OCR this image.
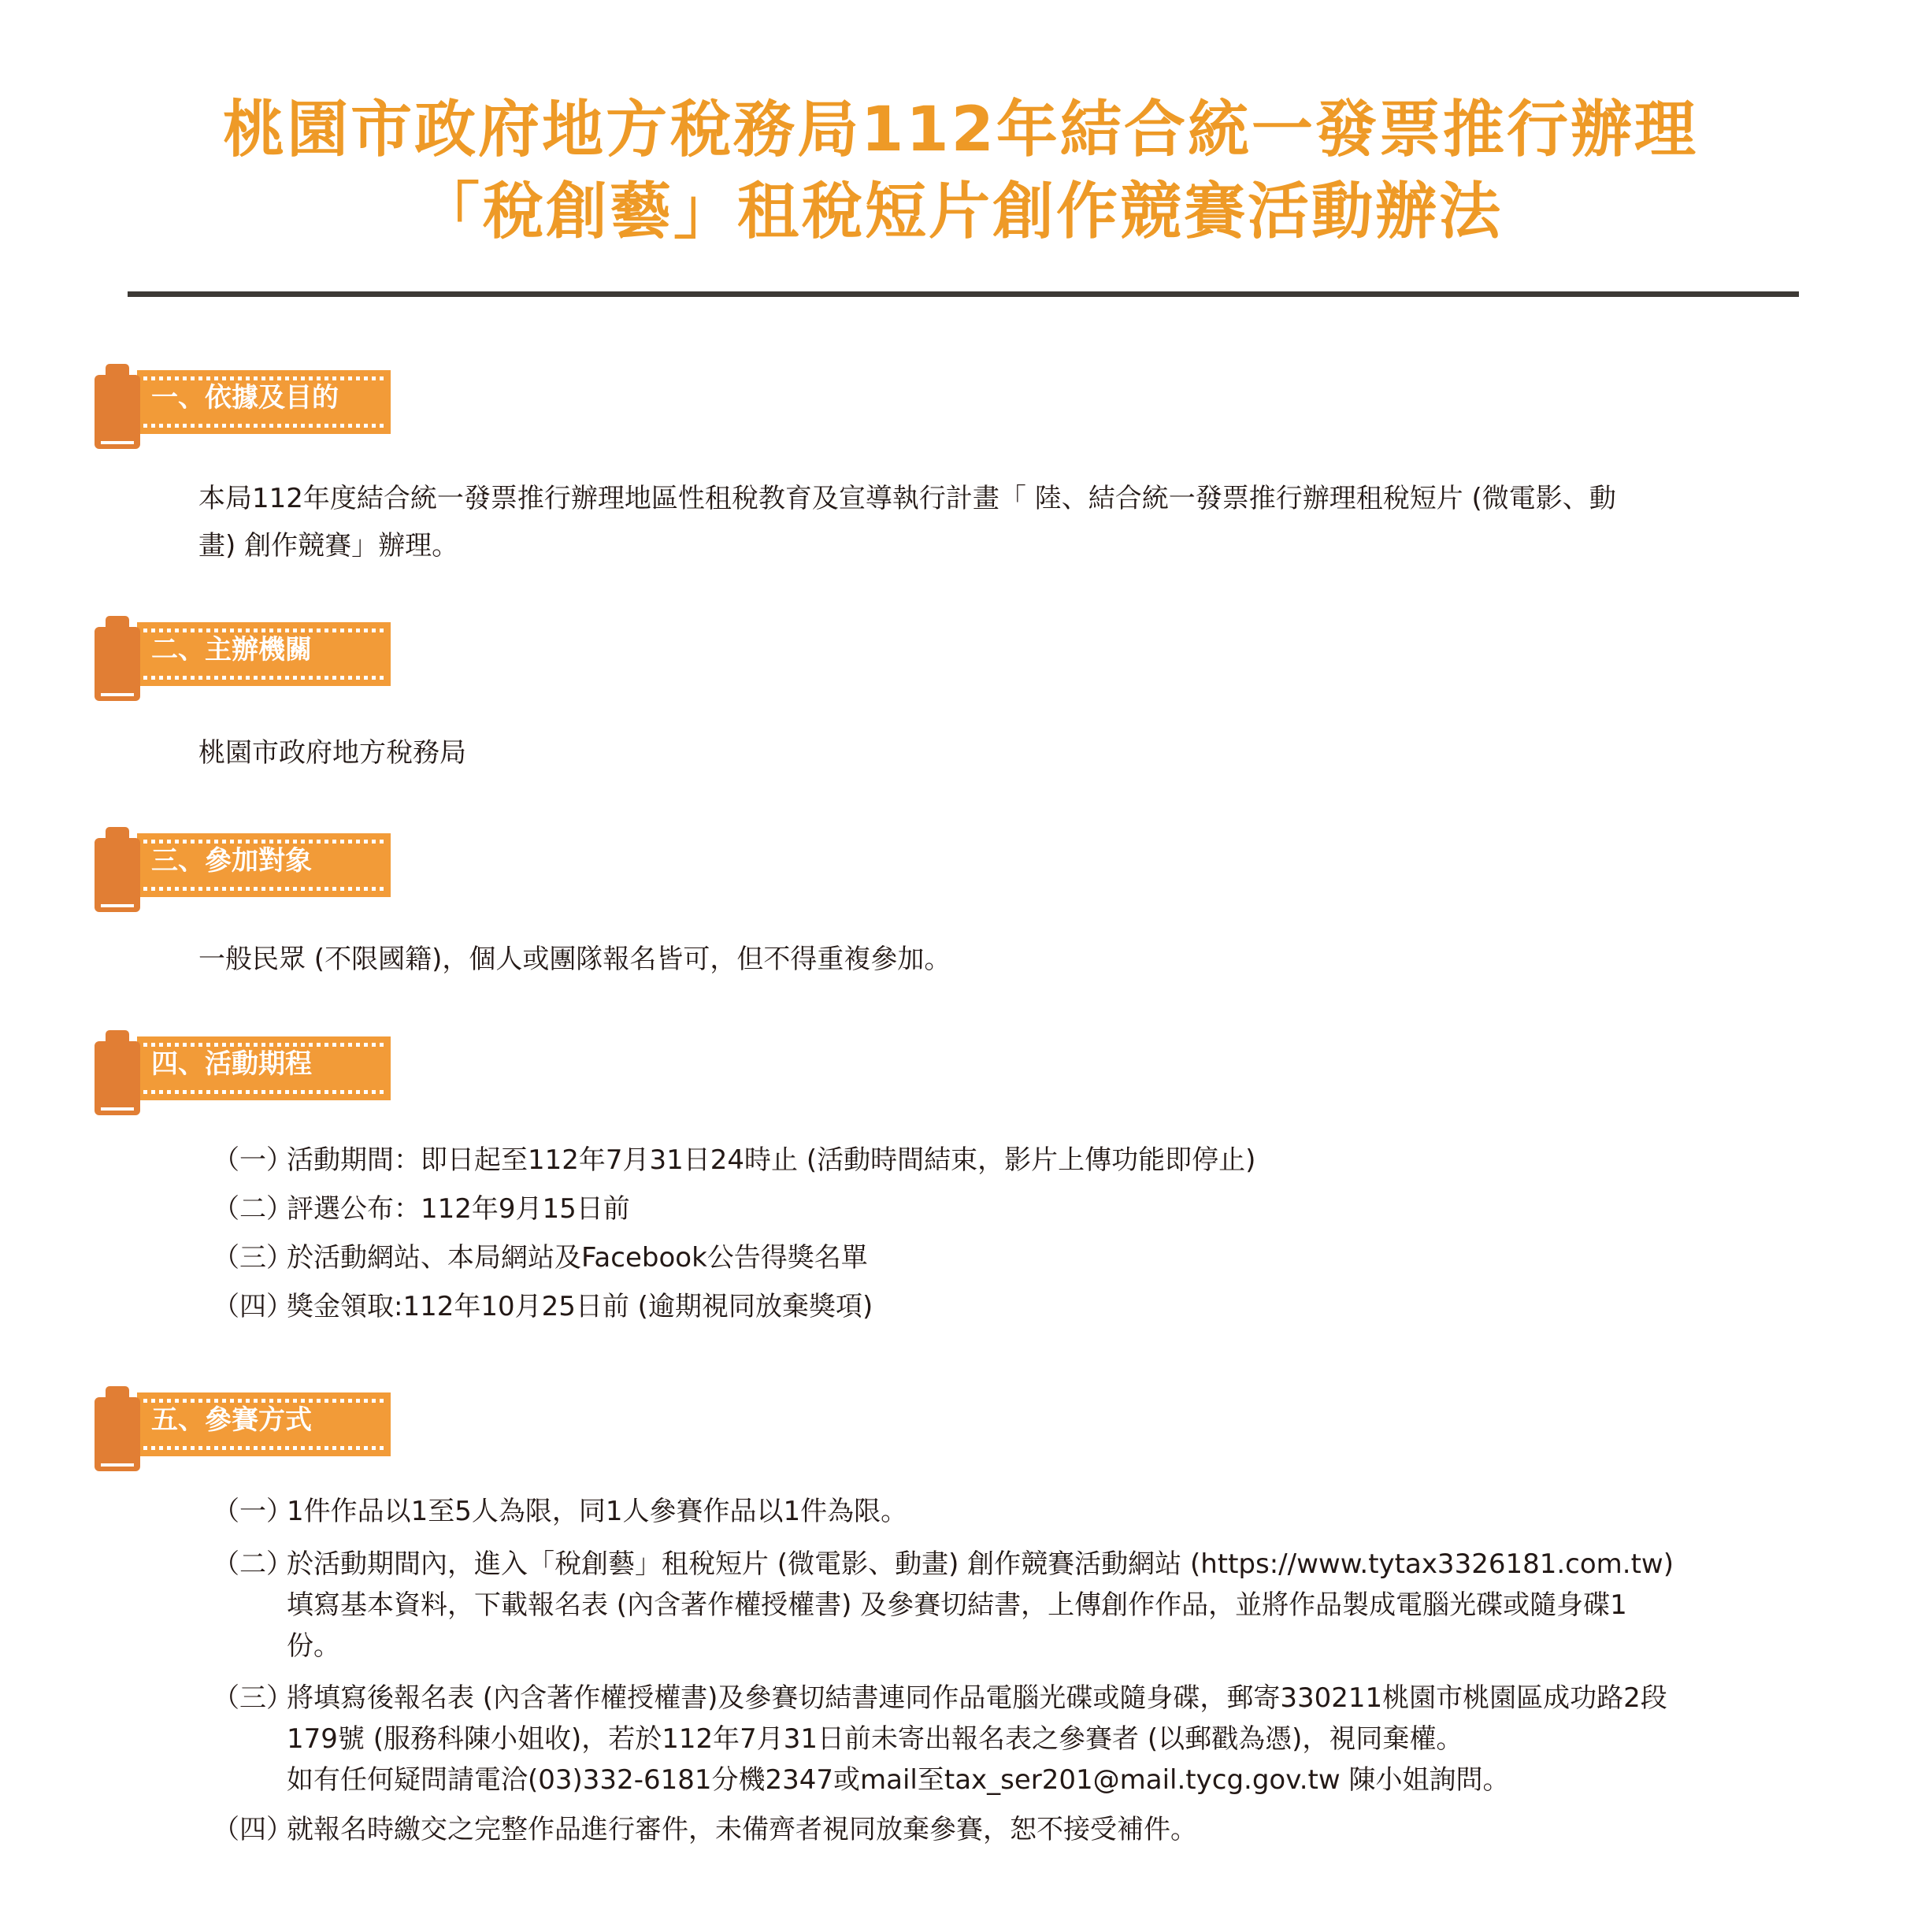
桃園市政府地方稅務局112年結合統一發票推行辦理
「稅創藝」租稅短片創作競賽活動辦法
一、依據及目的
本局112年度結合統一發票推行辦理地區性租稅教育及宣導執行計畫「 陸、結合統一發票推行辦理租稅短片 (微電影、動
畫) 創作競賽」辦理。
二、主辦機關
桃園市政府地方稅務局
三、參加對象
一般民眾 (不限國籍)，個人或團隊報名皆可，但不得重複參加。
四、活動期程
（一）
活動期間：即日起至112年7月31日24時止 (活動時間結束，影片上傳功能即停止)
（二）
評選公布：112年9月15日前
（三）
於活動網站、本局網站及Facebook公告得獎名單
（四）
獎金領取:112年10月25日前 (逾期視同放棄獎項)
五、參賽方式
（一）
1件作品以1至5人為限，同1人參賽作品以1件為限。
（二）
於活動期間內，進入「稅創藝」租稅短片 (微電影、動畫) 創作競賽活動網站 (https://www.tytax3326181.com.tw)
填寫基本資料，下載報名表 (內含著作權授權書) 及參賽切結書，上傳創作作品，並將作品製成電腦光碟或隨身碟1
份。
（三）
將填寫後報名表 (內含著作權授權書)及參賽切結書連同作品電腦光碟或隨身碟，郵寄330211桃園市桃園區成功路2段
179號 (服務科陳小姐收)，若於112年7月31日前未寄出報名表之參賽者 (以郵戳為憑)，視同棄權。
如有任何疑問請電洽(03)332-6181分機2347或mail至tax_ser201@mail.tycg.gov.tw 陳小姐詢問。
（四）
就報名時繳交之完整作品進行審件，未備齊者視同放棄參賽，恕不接受補件。
